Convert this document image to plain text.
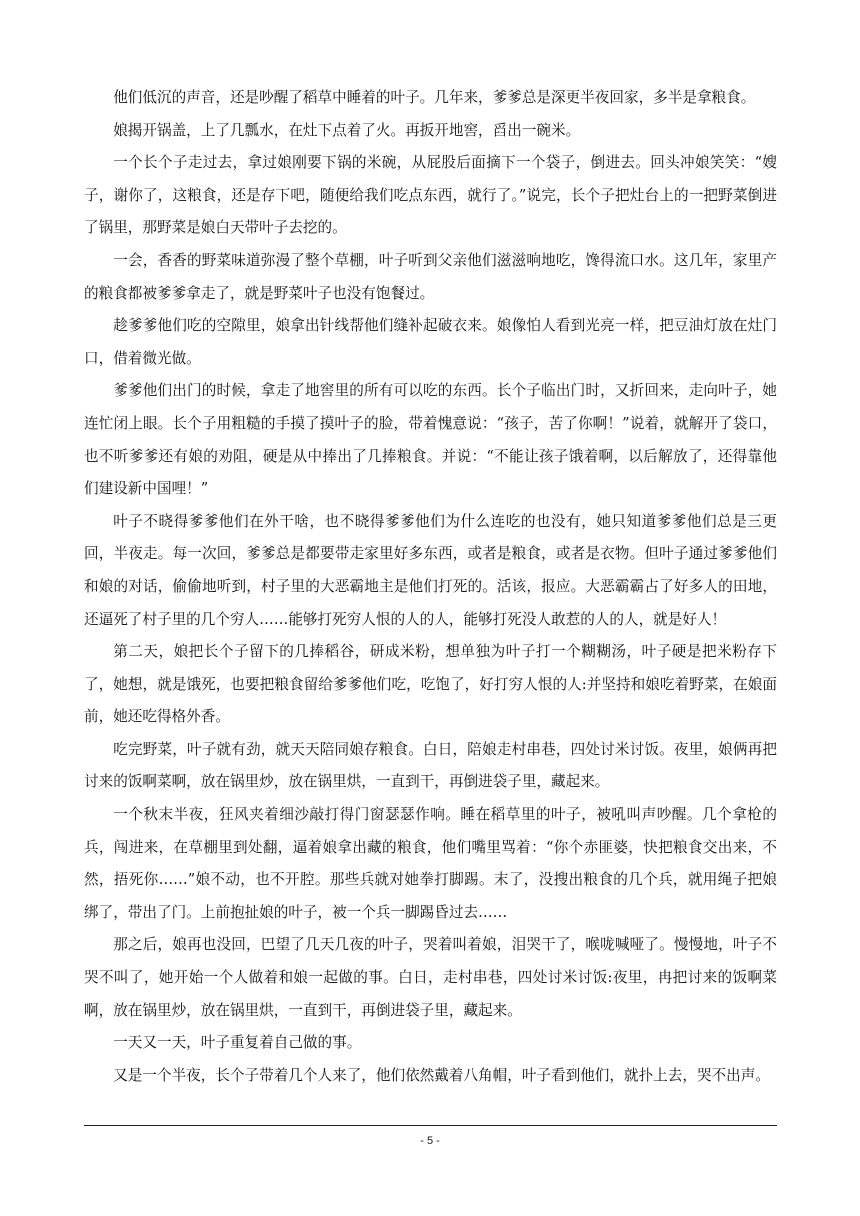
他们低沉的声音，还是吵醒了稻草中睡着的叶子。几年来，爹爹总是深更半夜回家，多半是拿粮食。

娘揭开锅盖，上了几瓢水，在灶下点着了火。再扳开地窖，舀出一碗米。

一个长个子走过去，拿过娘刚要下锅的米碗，从屁股后面摘下一个袋子，倒进去。回头冲娘笑笑：“嫂子，谢你了，这粮食，还是存下吧，随便给我们吃点东西，就行了。”说完，长个子把灶台上的一把野菜倒进了锅里，那野菜是娘白天带叶子去挖的。

一会，香香的野菜味道弥漫了整个草棚，叶子听到父亲他们滋滋响地吃，馋得流口水。这几年，家里产的粮食都被爹爹拿走了，就是野菜叶子也没有饱餐过。

趁爹爹他们吃的空隙里，娘拿出针线帮他们缝补起破衣来。娘像怕人看到光亮一样，把豆油灯放在灶门口，借着微光做。

爹爹他们出门的时候，拿走了地窖里的所有可以吃的东西。长个子临出门时，又折回来，走向叶子，她连忙闭上眼。长个子用粗糙的手摸了摸叶子的脸，带着愧意说：“孩子，苦了你啊！”说着，就解开了袋口，也不听爹爹还有娘的劝阻，硬是从中捧出了几捧粮食。并说：“不能让孩子饿着啊，以后解放了，还得靠他们建设新中国哩！”

叶子不晓得爹爹他们在外干啥，也不晓得爹爹他们为什么连吃的也没有，她只知道爹爹他们总是三更回，半夜走。每一次回，爹爹总是都要带走家里好多东西，或者是粮食，或者是衣物。但叶子通过爹爹他们和娘的对话，偷偷地听到，村子里的大恶霸地主是他们打死的。活该，报应。大恶霸霸占了好多人的田地，还逼死了村子里的几个穷人……能够打死穷人恨的人的人，能够打死没人敢惹的人的人，就是好人！

第二天，娘把长个子留下的几捧稻谷，研成米粉，想单独为叶子打一个糊糊汤，叶子硬是把米粉存下了，她想，就是饿死，也要把粮食留给爹爹他们吃，吃饱了，好打穷人恨的人:并坚持和娘吃着野菜，在娘面前，她还吃得格外香。

吃完野菜，叶子就有劲，就天天陪同娘存粮食。白日，陪娘走村串巷，四处讨米讨饭。夜里，娘俩再把讨来的饭啊菜啊，放在锅里炒，放在锅里烘，一直到干，再倒进袋子里，藏起来。

一个秋末半夜，狂风夹着细沙敲打得门窗瑟瑟作响。睡在稻草里的叶子，被吼叫声吵醒。几个拿枪的兵，闯进来，在草棚里到处翻，逼着娘拿出藏的粮食，他们嘴里骂着：“你个赤匪婆，快把粮食交出来，不然，捂死你……”娘不动，也不开腔。那些兵就对她拳打脚踢。末了，没搜出粮食的几个兵，就用绳子把娘绑了，带出了门。上前抱扯娘的叶子，被一个兵一脚踢昏过去……

那之后，娘再也没回，巴望了几天几夜的叶子，哭着叫着娘，泪哭干了，喉咙喊哑了。慢慢地，叶子不哭不叫了，她开始一个人做着和娘一起做的事。白日，走村串巷，四处讨米讨饭:夜里，冉把讨来的饭啊菜啊，放在锅里炒，放在锅里烘，一直到干，再倒进袋子里，藏起来。

一天又一天，叶子重复着自己做的事。

又是一个半夜，长个子带着几个人来了，他们依然戴着八角帽，叶子看到他们，就扑上去，哭不出声。

- 5 -
